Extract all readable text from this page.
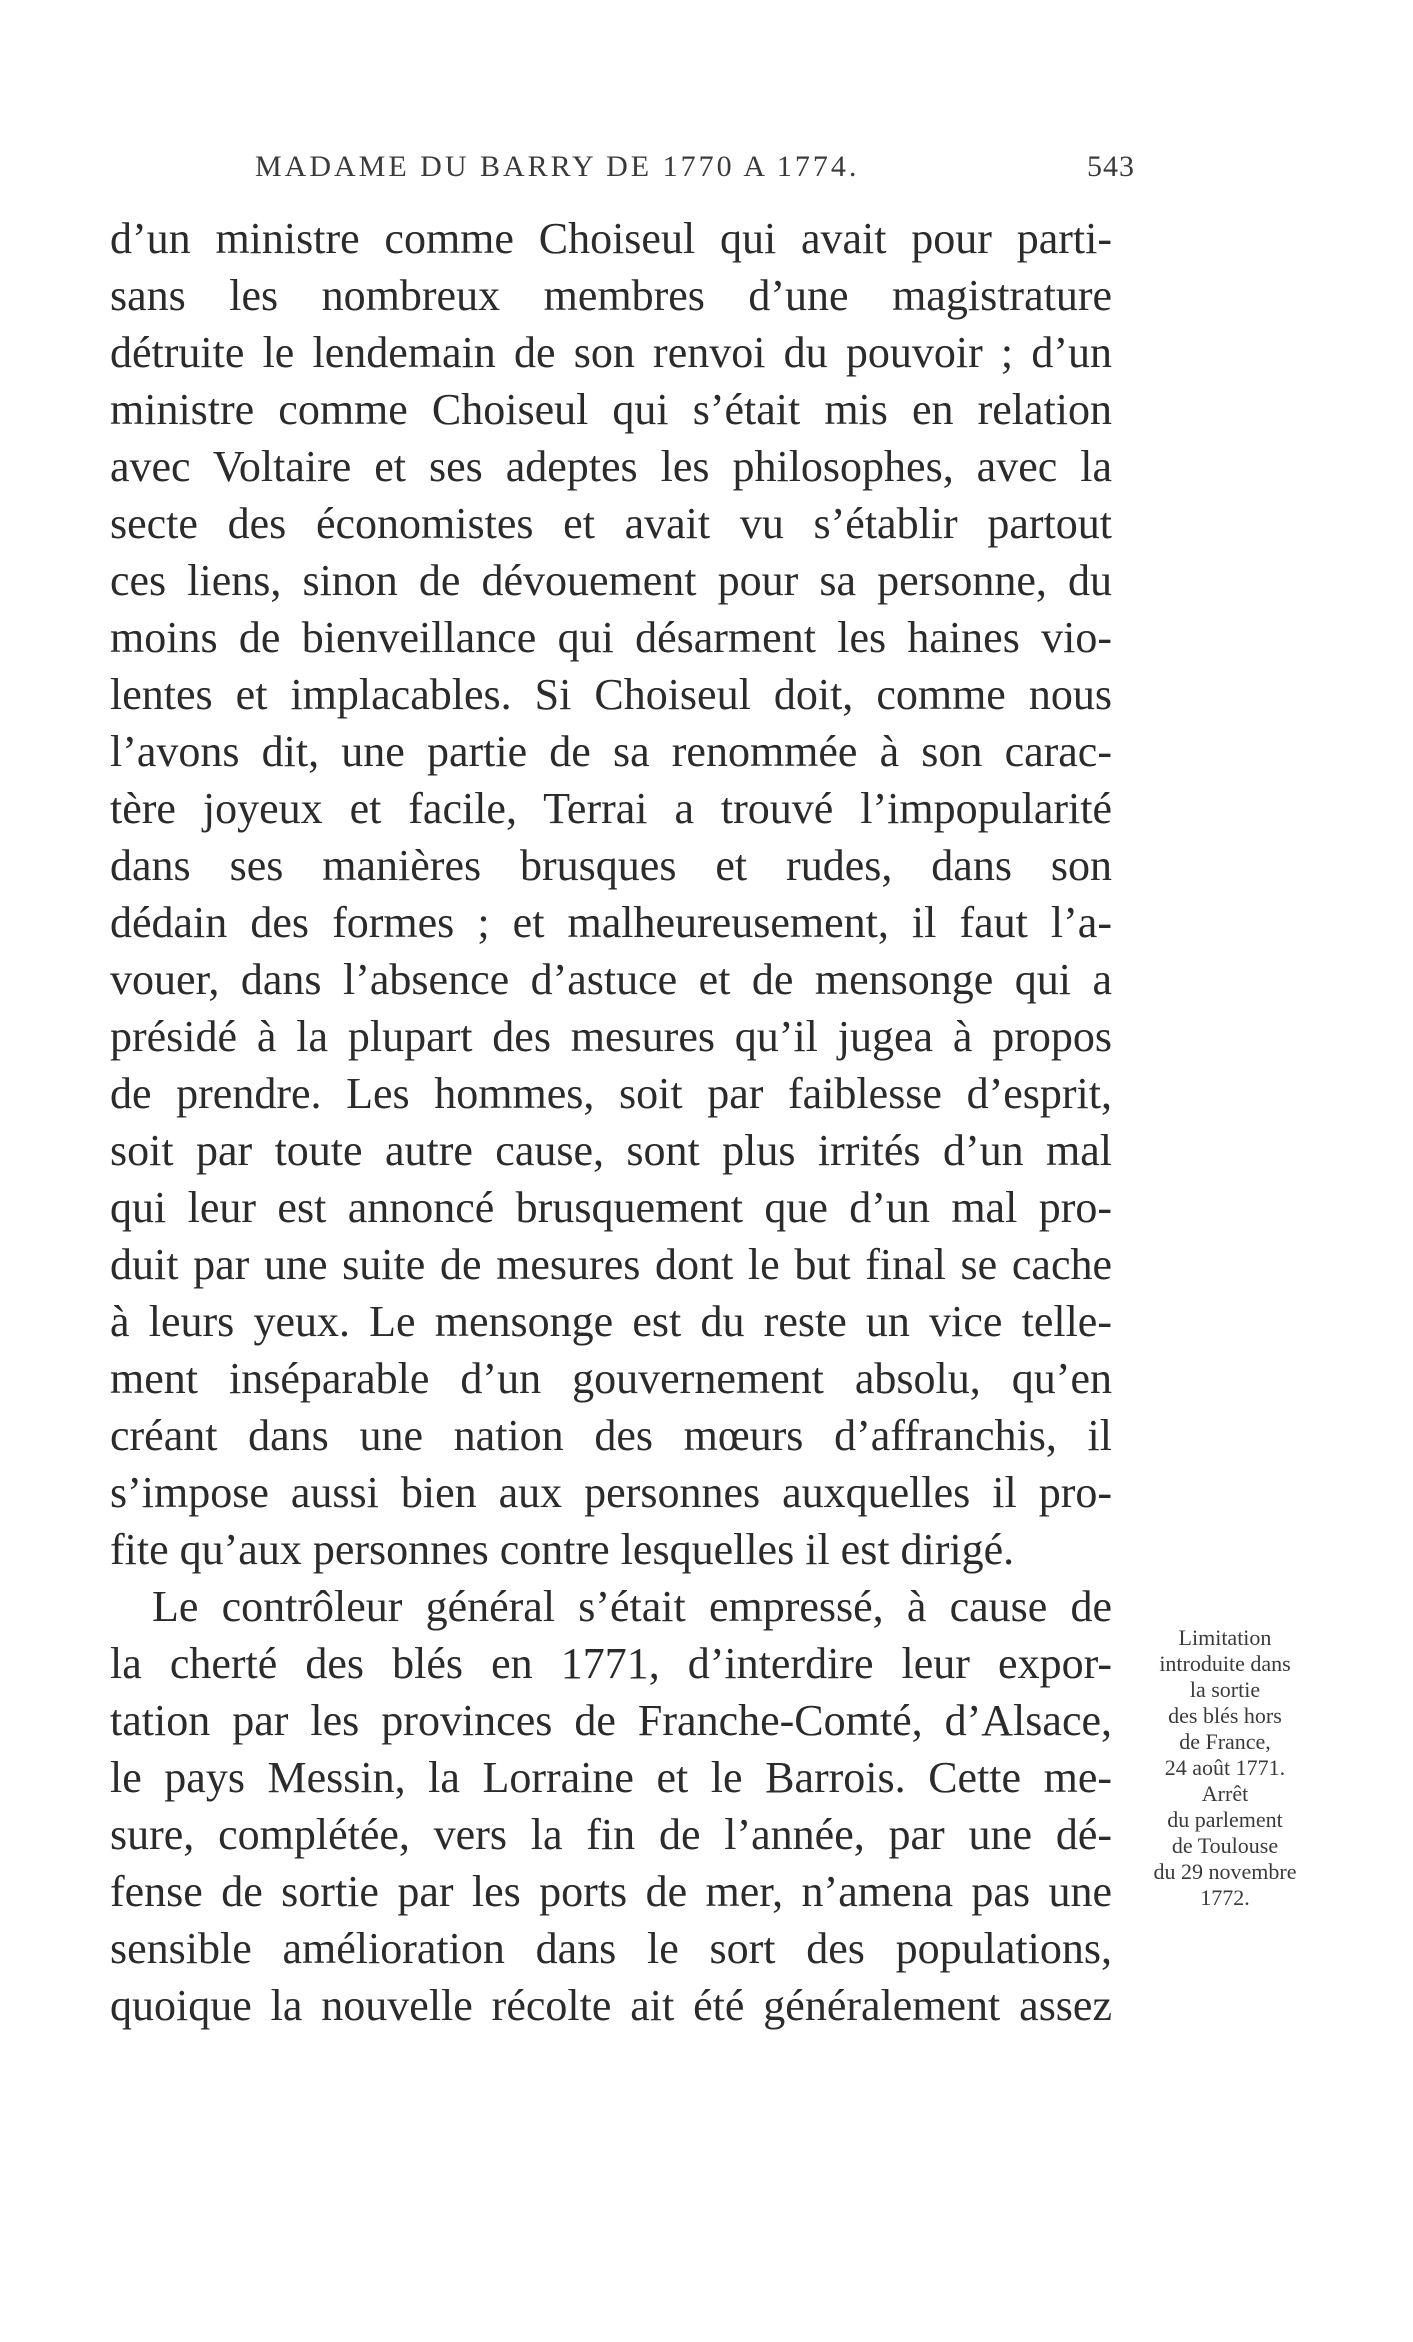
MADAME DU BARRY DE 1770 A 1774.	543
d’un ministre comme Choiseul qui avait pour parti-
sans les nombreux membres d’une magistrature
détruite le lendemain de son renvoi du pouvoir ; d’un
ministre comme Choiseul qui s’était mis en relation
avec Voltaire et ses adeptes les philosophes, avec la
secte des économistes et avait vu s’établir partout
ces liens, sinon de dévouement pour sa personne, du
moins de bienveillance qui désarment les haines vio-
lentes et implacables. Si Choiseul doit, comme nous
l’avons dit, une partie de sa renommée à son carac-
tère joyeux et facile, Terrai a trouvé l’impopularité
dans ses manières brusques et rudes, dans son
dédain des formes ; et malheureusement, il faut l’a-
vouer, dans l’absence d’astuce et de mensonge qui a
présidé à la plupart des mesures qu’il jugea à propos
de prendre. Les hommes, soit par faiblesse d’esprit,
soit par toute autre cause, sont plus irrités d’un mal
qui leur est annoncé brusquement que d’un mal pro-
duit par une suite de mesures dont le but final se cache
à leurs yeux. Le mensonge est du reste un vice telle-
ment inséparable d’un gouvernement absolu, qu’en
créant dans une nation des mœurs d’affranchis, il
s’impose aussi bien aux personnes auxquelles il pro-
fite qu’aux personnes contre lesquelles il est dirigé.
Le contrôleur général s’était empressé, à cause de
la cherté des blés en 1771, d’interdire leur expor-
tation par les provinces de Franche-Comté, d’Alsace,
le pays Messin, la Lorraine et le Barrois. Cette me-
sure, complétée, vers la fin de l’année, par une dé-
fense de sortie par les ports de mer, n’amena pas une
sensible amélioration dans le sort des populations,
quoique la nouvelle récolte ait été généralement assez
Limitation
introduite dans
la sortie
des blés hors
de France,
24 août 1771.
Arrêt
du parlement
de Toulouse
du 29 novembre
1772.
